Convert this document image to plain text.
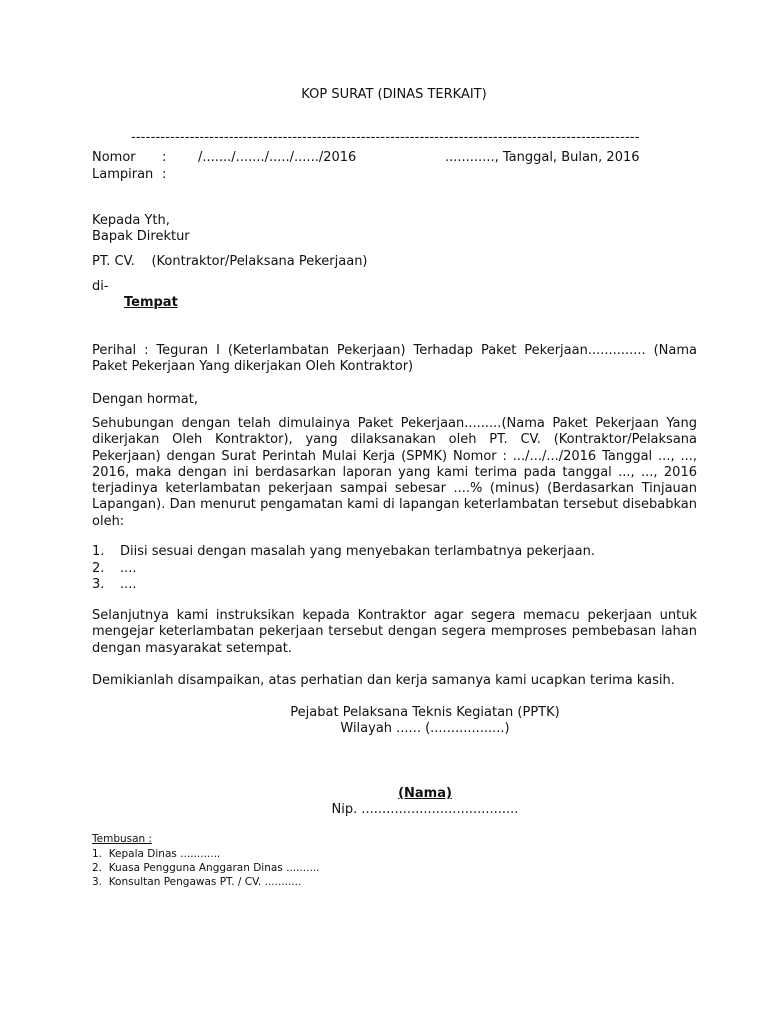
KOP SURAT (DINAS TERKAIT)
--------------------------------------------------------------------------------------------------------
Nomor : /......./......./...../....../2016	............, Tanggal, Bulan, 2016
Lampiran :
Kepada Yth,
Bapak Direktur
PT. CV.    (Kontraktor/Pelaksana Pekerjaan)
di-
Tempat
Perihal : Teguran I (Keterlambatan Pekerjaan) Terhadap Paket Pekerjaan.............. (Nama Paket Pekerjaan Yang dikerjakan Oleh Kontraktor)
Dengan hormat,
Sehubungan dengan telah dimulainya Paket Pekerjaan.........(Nama Paket Pekerjaan Yang dikerjakan Oleh Kontraktor), yang dilaksanakan oleh PT. CV. (Kontraktor/Pelaksana Pekerjaan) dengan Surat Perintah Mulai Kerja (SPMK) Nomor : .../.../.../2016 Tanggal ..., ..., 2016, maka dengan ini berdasarkan laporan yang kami terima pada tanggal ..., ..., 2016 terjadinya keterlambatan pekerjaan sampai sebesar ....% (minus) (Berdasarkan Tinjauan Lapangan). Dan menurut pengamatan kami di lapangan keterlambatan tersebut disebabkan oleh:
1. Diisi sesuai dengan masalah yang menyebakan terlambatnya pekerjaan.
2. ....
3. ....
Selanjutnya kami instruksikan kepada Kontraktor agar segera memacu pekerjaan untuk mengejar keterlambatan pekerjaan tersebut dengan segera memproses pembebasan lahan dengan masyarakat setempat.
Demikianlah disampaikan, atas perhatian dan kerja samanya kami ucapkan terima kasih.
Pejabat Pelaksana Teknis Kegiatan (PPTK)
Wilayah ...... (..................)
(Nama)
Nip. ......................................
Tembusan :
1.  Kepala Dinas ............
2.  Kuasa Pengguna Anggaran Dinas ..........
3.  Konsultan Pengawas PT. / CV. ...........
